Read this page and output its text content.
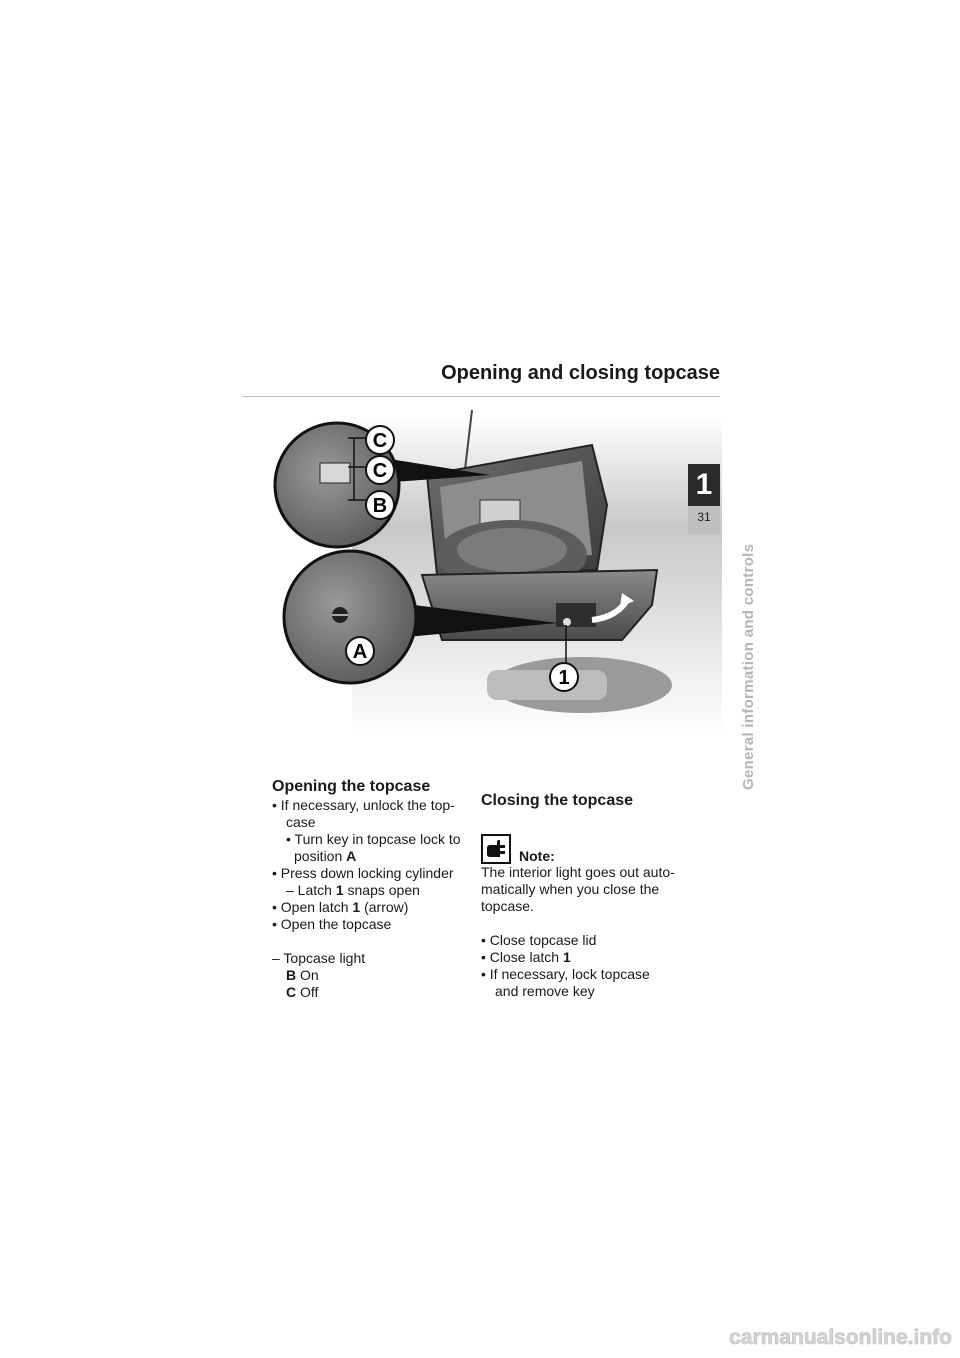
Opening and closing topcase
C
C
B
A
1
1
31
General information and controls
Opening the topcase

• If necessary, unlock the top-

case

• Turn key in topcase lock to

position A

• Press down locking cylinder

– Latch 1 snaps open

• Open latch 1 (arrow)

• Open the topcase

– Topcase light

B On

C Off

Closing the topcase
Note:

The interior light goes out auto-

matically when you close the

topcase.

• Close topcase lid

• Close latch 1

• If necessary, lock topcase

and remove key

carmanualsonline.info
